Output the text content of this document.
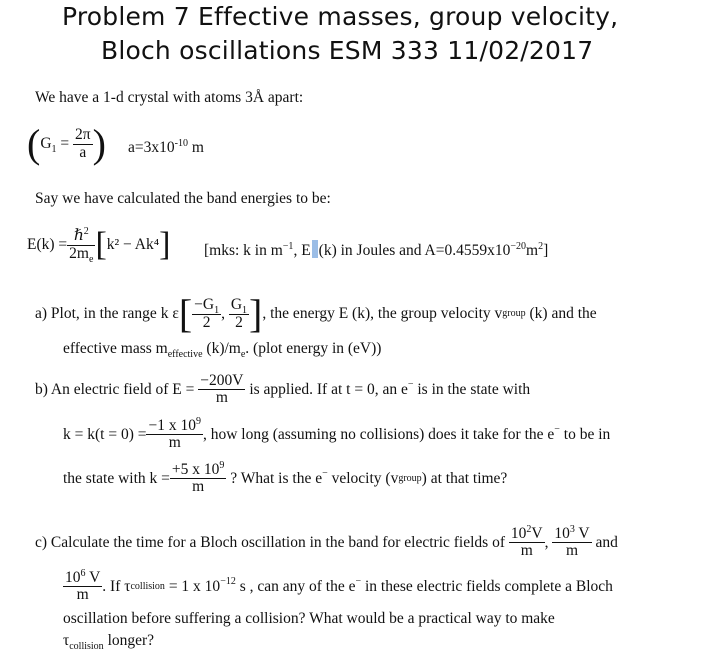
Problem 7 Effective masses, group velocity,
Bloch oscillations ESM 333 11/02/2017
We have a 1-d crystal with atoms 3Å apart:
($G_1 = \frac{2\pi}{a}$ ) $a=3x10^{-10}$ m
Say we have calculated the band energies to be:
$E(k) = \frac{\hbar^2}{2m_e} [k^2 - Ak^4]$ [mks: k in $m^{-1}$, E (k) in Joules and $A=0.4559x10^{-20}m^2$]
a) Plot, in the range k $\varepsilon[ \frac{-G_1}{2}$ , $\frac{G_1}{2}$ ], the energy E (k), the group velocity vgroup (k) and the
effective mass $m_{effective}$ $(k)/m_e$. (plot energy in (eV))
b) An electric field of $E = \frac{-200V}{m}$ is applied. If at t = 0, an e− is in the state with
$k = k(t = 0) = \frac{-1 x 10^9}{m}$ , how long (assuming no collisions) does it take for the e− to be in
the state with $k = \frac{+5 x 10^9}{m}$ ? What is the e− velocity (vgroup) at that time?
c) Calculate the time for a Bloch oscillation in the band for electric fields of $\frac{10^2V}{m}$ , $\frac{10^3 V}{m}$ and
$\frac{10^6 V}{m}$ . If τcollision = 1 x $10^{-12}$ s , can any of the e− in these electric fields complete a Bloch
oscillation before suffering a collision? What would be a practical way to make
$\tau_{collision}$ longer?
